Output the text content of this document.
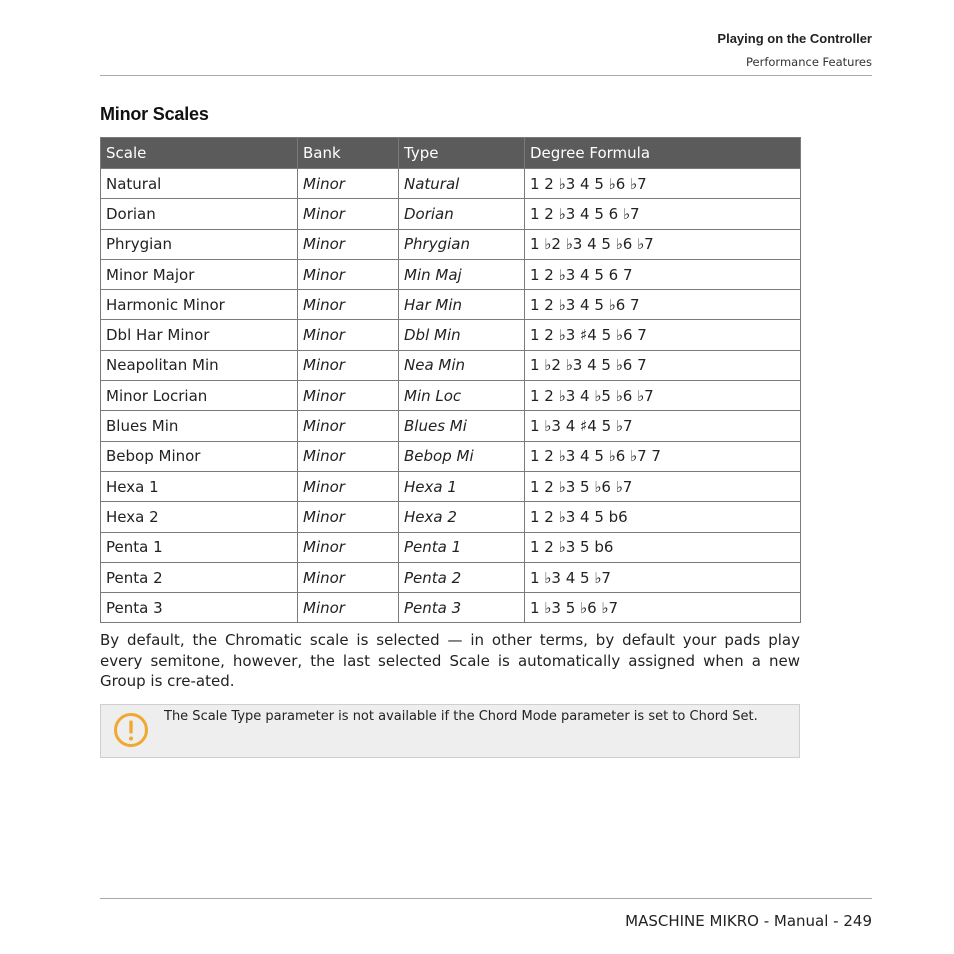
Playing on the Controller
Performance Features
Minor Scales
Scale	Bank	Type	Degree Formula
Natural	Minor	Natural	1 2 ♭3 4 5 ♭6 ♭7
Dorian	Minor	Dorian	1 2 ♭3 4 5 6 ♭7
Phrygian	Minor	Phrygian	1 ♭2 ♭3 4 5 ♭6 ♭7
Minor Major	Minor	Min Maj	1 2 ♭3 4 5 6 7
Harmonic Minor	Minor	Har Min	1 2 ♭3 4 5 ♭6 7
Dbl Har Minor	Minor	Dbl Min	1 2 ♭3 ♯4 5 ♭6 7
Neapolitan Min	Minor	Nea Min	1 ♭2 ♭3 4 5 ♭6 7
Minor Locrian	Minor	Min Loc	1 2 ♭3 4 ♭5 ♭6 ♭7
Blues Min	Minor	Blues Mi	1 ♭3 4 ♯4 5 ♭7
Bebop Minor	Minor	Bebop Mi	1 2 ♭3 4 5 ♭6 ♭7 7
Hexa 1	Minor	Hexa 1	1 2 ♭3 5 ♭6 ♭7
Hexa 2	Minor	Hexa 2	1 2 ♭3 4 5 b6
Penta 1	Minor	Penta 1	1 2 ♭3 5 b6
Penta 2	Minor	Penta 2	1 ♭3 4 5 ♭7
Penta 3	Minor	Penta 3	1 ♭3 5 ♭6 ♭7
By default, the Chromatic scale is selected — in other terms, by default your pads play every semitone, however, the last selected Scale is automatically assigned when a new Group is cre-ated.
The Scale Type parameter is not available if the Chord Mode parameter is set to Chord Set.
MASCHINE MIKRO - Manual - 249
